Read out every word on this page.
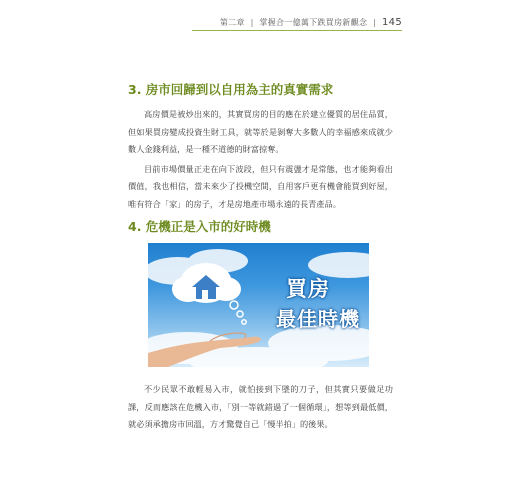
第二章 | 掌握合一億萬下跌買房新觀念 | 145
3. 房市回歸到以自用為主的真實需求

高房價是被炒出來的，其實買房的目的應在於建立優質的居住品質，但如果買房變成投資生財工具，就等於是剝奪大多數人的幸福感來成就少數人金錢利益，是一種不道德的財富掠奪。

目前市場價量正走在向下波段，但只有震盪才是常態，也才能夠看出價值，我也相信，當未來少了投機空間，自用客戶更有機會能買到好屋，唯有符合「家」的房子，才是房地產市場永遠的長青產品。

4. 危機正是入市的好時機
買房
最佳時機

不少民眾不敢輕易入市，就怕接到下墜的刀子，但其實只要做足功課，反而應該在危機入市，「別一等就錯過了一個循環」，想等到最低價，就必須承擔房市回溫，方才驚覺自己「慢半拍」的後果。
